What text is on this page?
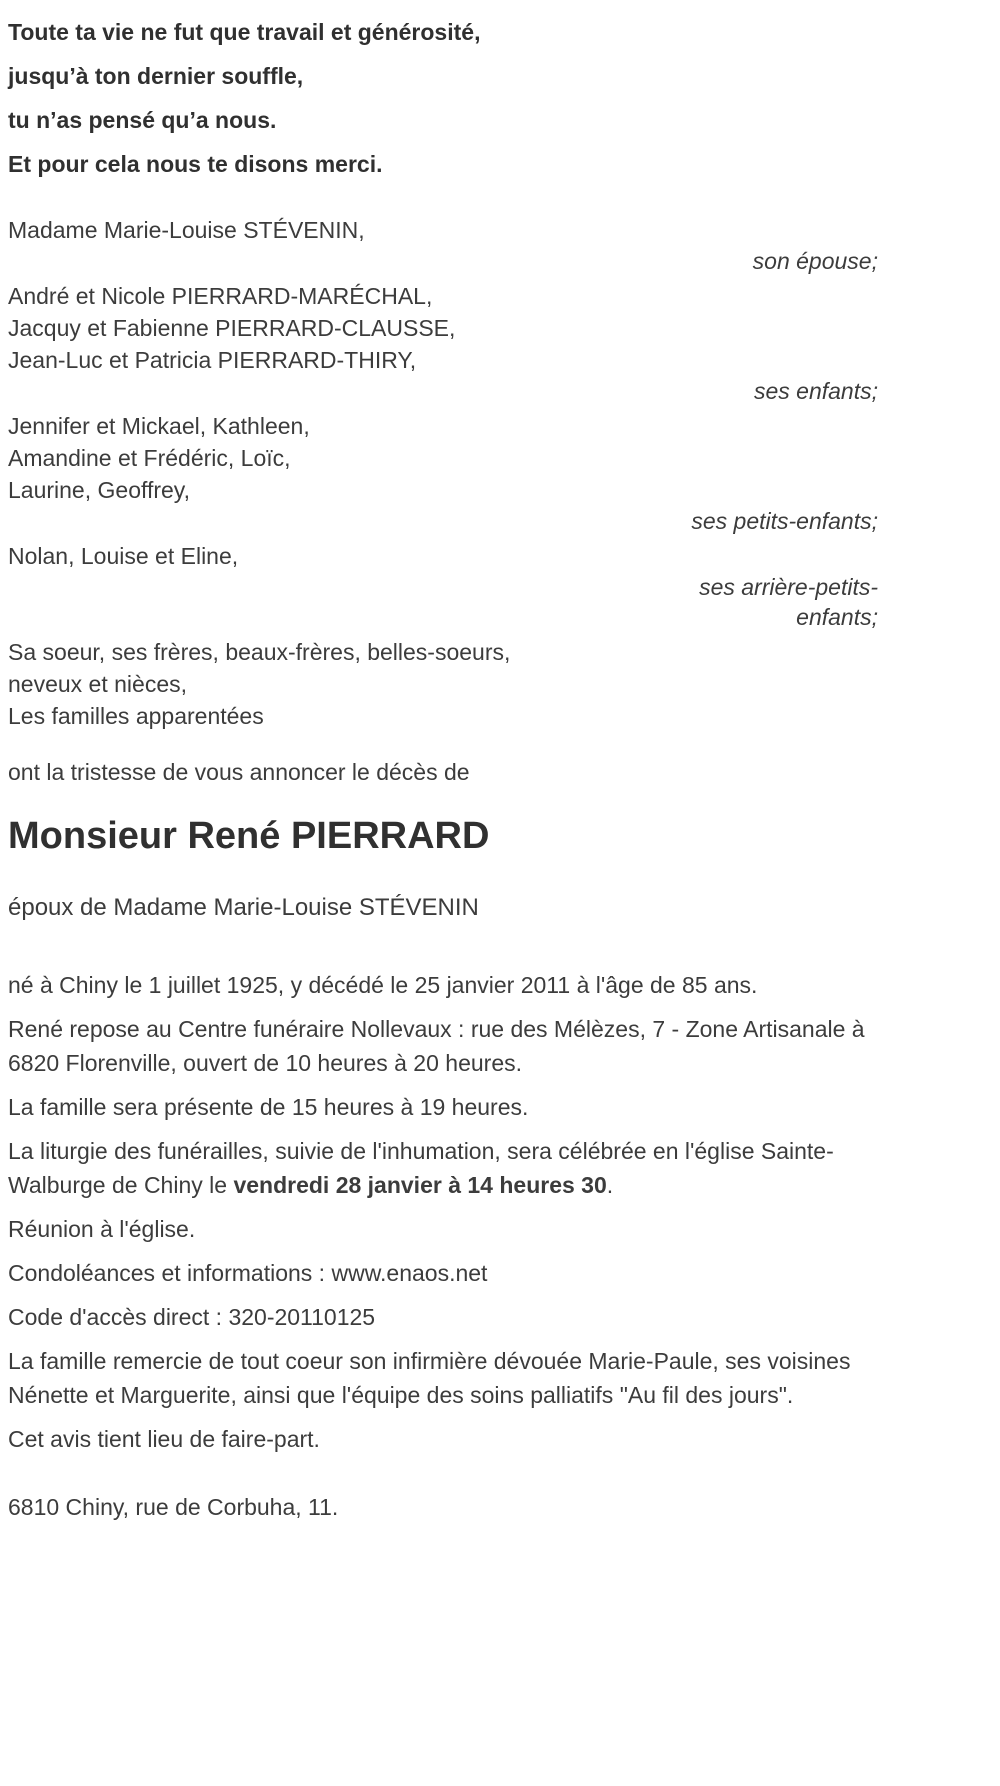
Toute ta vie ne fut que travail et générosité,
jusqu’à ton dernier souffle,
tu n’as pensé qu’a nous.
Et pour cela nous te disons merci.
Madame Marie-Louise STÉVENIN,
son épouse;
André et Nicole PIERRARD-MARÉCHAL,
Jacquy et Fabienne PIERRARD-CLAUSSE,
Jean-Luc et Patricia PIERRARD-THIRY,
ses enfants;
Jennifer et Mickael, Kathleen,
Amandine et Frédéric, Loïc,
Laurine, Geoffrey,
ses petits-enfants;
Nolan, Louise et Eline,
ses arrière-petits-enfants;
Sa soeur, ses frères, beaux-frères, belles-soeurs,
neveux et nièces,
Les familles apparentées
ont la tristesse de vous annoncer le décès de
Monsieur René PIERRARD
époux de Madame Marie-Louise STÉVENIN

né à Chiny le 1 juillet 1925, y décédé le 25 janvier 2011 à l'âge de 85 ans.

René repose au Centre funéraire Nollevaux : rue des Mélèzes, 7 - Zone Artisanale à 6820 Florenville, ouvert de 10 heures à 20 heures.

La famille sera présente de 15 heures à 19 heures.

La liturgie des funérailles, suivie de l'inhumation, sera célébrée en l'église Sainte-Walburge de Chiny le vendredi 28 janvier à 14 heures 30.

Réunion à l'église.

Condoléances et informations : www.enaos.net

Code d'accès direct : 320-20110125

La famille remercie de tout coeur son infirmière dévouée Marie-Paule, ses voisines Nénette et Marguerite, ainsi que l'équipe des soins palliatifs "Au fil des jours".

Cet avis tient lieu de faire-part.

6810 Chiny, rue de Corbuha, 11.
